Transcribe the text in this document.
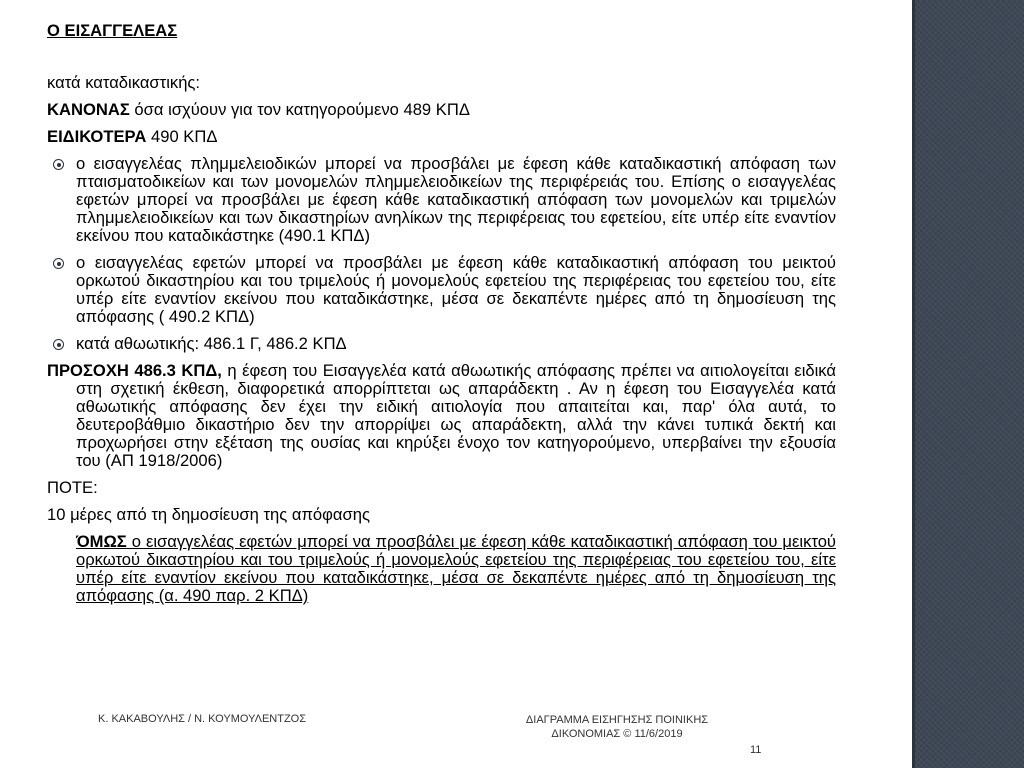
Ο ΕΙΣΑΓΓΕΛΕΑΣ

κατά καταδικαστικής:

ΚΑΝΟΝΑΣ όσα ισχύουν για τον κατηγορούμενο 489 ΚΠΔ

ΕΙΔΙΚΟΤΕΡΑ 490 ΚΠΔ

ο εισαγγελέας πλημμελειοδικών μπορεί να προσβάλει με έφεση κάθε καταδικαστική απόφαση των πταισματοδικείων και των μονομελών πλημμελειοδικείων της περιφέρειάς του. Επίσης ο εισαγγελέας εφετών μπορεί να προσβάλει με έφεση κάθε καταδικαστική απόφαση των μονομελών και τριμελών πλημμελειοδικείων και των δικαστηρίων ανηλίκων της περιφέρειας του εφετείου, είτε υπέρ είτε εναντίον εκείνου που καταδικάστηκε (490.1 ΚΠΔ)
ο εισαγγελέας εφετών μπορεί να προσβάλει με έφεση κάθε καταδικαστική απόφαση του μεικτού ορκωτού δικαστηρίου και του τριμελούς ή μονομελούς εφετείου της περιφέρειας του εφετείου του, είτε υπέρ είτε εναντίον εκείνου που καταδικάστηκε, μέσα σε δεκαπέντε ημέρες από τη δημοσίευση της απόφασης ( 490.2 ΚΠΔ)
κατά αθωωτικής: 486.1 Γ, 486.2 ΚΠΔ

ΠΡΟΣΟΧΗ 486.3 ΚΠΔ, η έφεση του Εισαγγελέα κατά αθωωτικής απόφασης πρέπει να αιτιολογείται ειδικά στη σχετική έκθεση, διαφορετικά απορρίπτεται ως απαράδεκτη . Αν η έφεση του Εισαγγελέα κατά αθωωτικής απόφασης δεν έχει την ειδική αιτιολογία που απαιτείται και, παρ' όλα αυτά, το δευτεροβάθμιο δικαστήριο δεν την απορρίψει ως απαράδεκτη, αλλά την κάνει τυπικά δεκτή και προχωρήσει στην εξέταση της ουσίας και κηρύξει ένοχο τον κατηγορούμενο, υπερβαίνει την εξουσία του (ΑΠ 1918/2006)

ΠΟΤΕ:

10 μέρες από τη δημοσίευση της απόφασης

ΌΜΩΣ ο εισαγγελέας εφετών μπορεί να προσβάλει με έφεση κάθε καταδικαστική απόφαση του μεικτού ορκωτού δικαστηρίου και του τριμελούς ή μονομελούς εφετείου της περιφέρειας του εφετείου του, είτε υπέρ είτε εναντίον εκείνου που καταδικάστηκε, μέσα σε δεκαπέντε ημέρες από τη δημοσίευση της απόφασης (α. 490 παρ. 2 ΚΠΔ)

Κ. ΚΑΚΑΒΟΥΛΗΣ / Ν. ΚΟΥΜΟΥΛΕΝΤΖΟΣ	ΔΙΑΓΡΑΜΜΑ ΕΙΣΗΓΗΣΗΣ ΠΟΙΝΙΚΗΣ
ΔΙΚΟΝΟΜΙΑΣ © 11/6/2019
11
